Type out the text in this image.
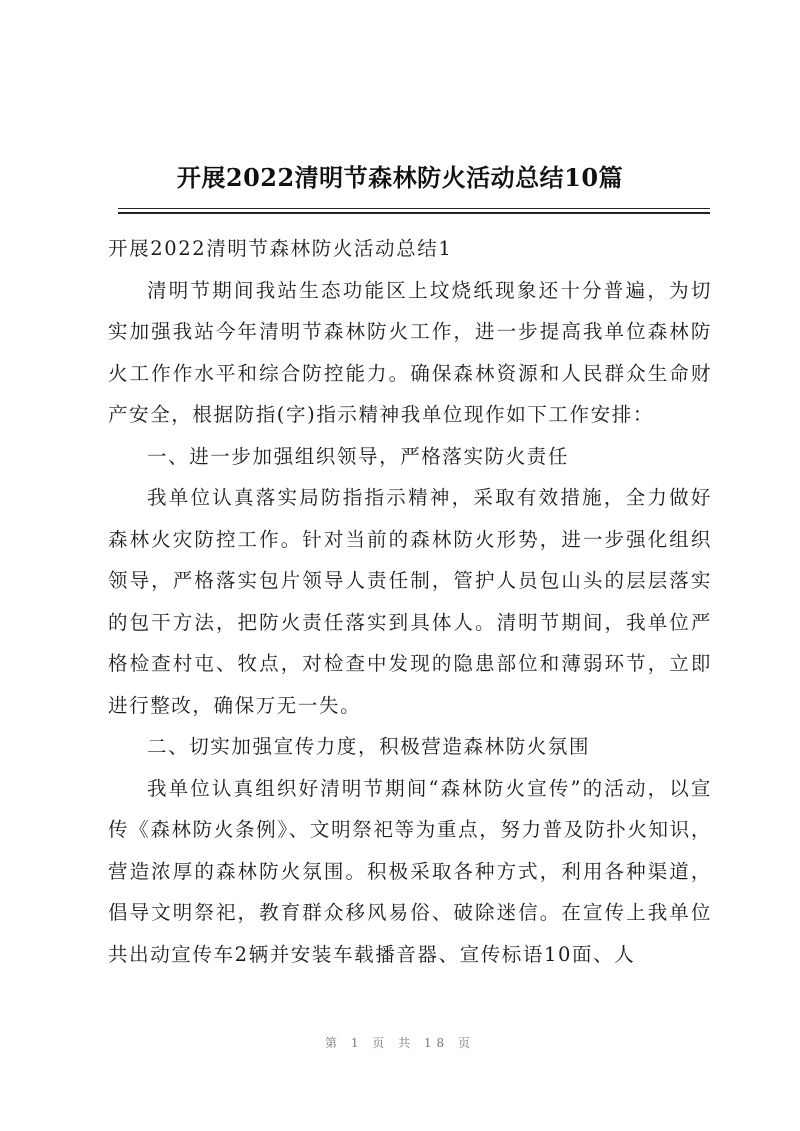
开展2022清明节森林防火活动总结10篇

开展2022清明节森林防火活动总结1

清明节期间我站生态功能区上坟烧纸现象还十分普遍，为切实加强我站今年清明节森林防火工作，进一步提高我单位森林防火工作作水平和综合防控能力。确保森林资源和人民群众生命财产安全，根据防指(字)指示精神我单位现作如下工作安排：

一、进一步加强组织领导，严格落实防火责任

我单位认真落实局防指指示精神，采取有效措施，全力做好森林火灾防控工作。针对当前的森林防火形势，进一步强化组织领导，严格落实包片领导人责任制，管护人员包山头的层层落实的包干方法，把防火责任落实到具体人。清明节期间，我单位严格检查村屯、牧点，对检查中发现的隐患部位和薄弱环节，立即进行整改，确保万无一失。

二、切实加强宣传力度，积极营造森林防火氛围

我单位认真组织好清明节期间“森林防火宣传”的活动，以宣传《森林防火条例》、文明祭祀等为重点，努力普及防扑火知识，营造浓厚的森林防火氛围。积极采取各种方式，利用各种渠道，倡导文明祭祀，教育群众移风易俗、破除迷信。在宣传上我单位共出动宣传车2辆并安装车载播音器、宣传标语10面、人

第 1 页 共 18 页
